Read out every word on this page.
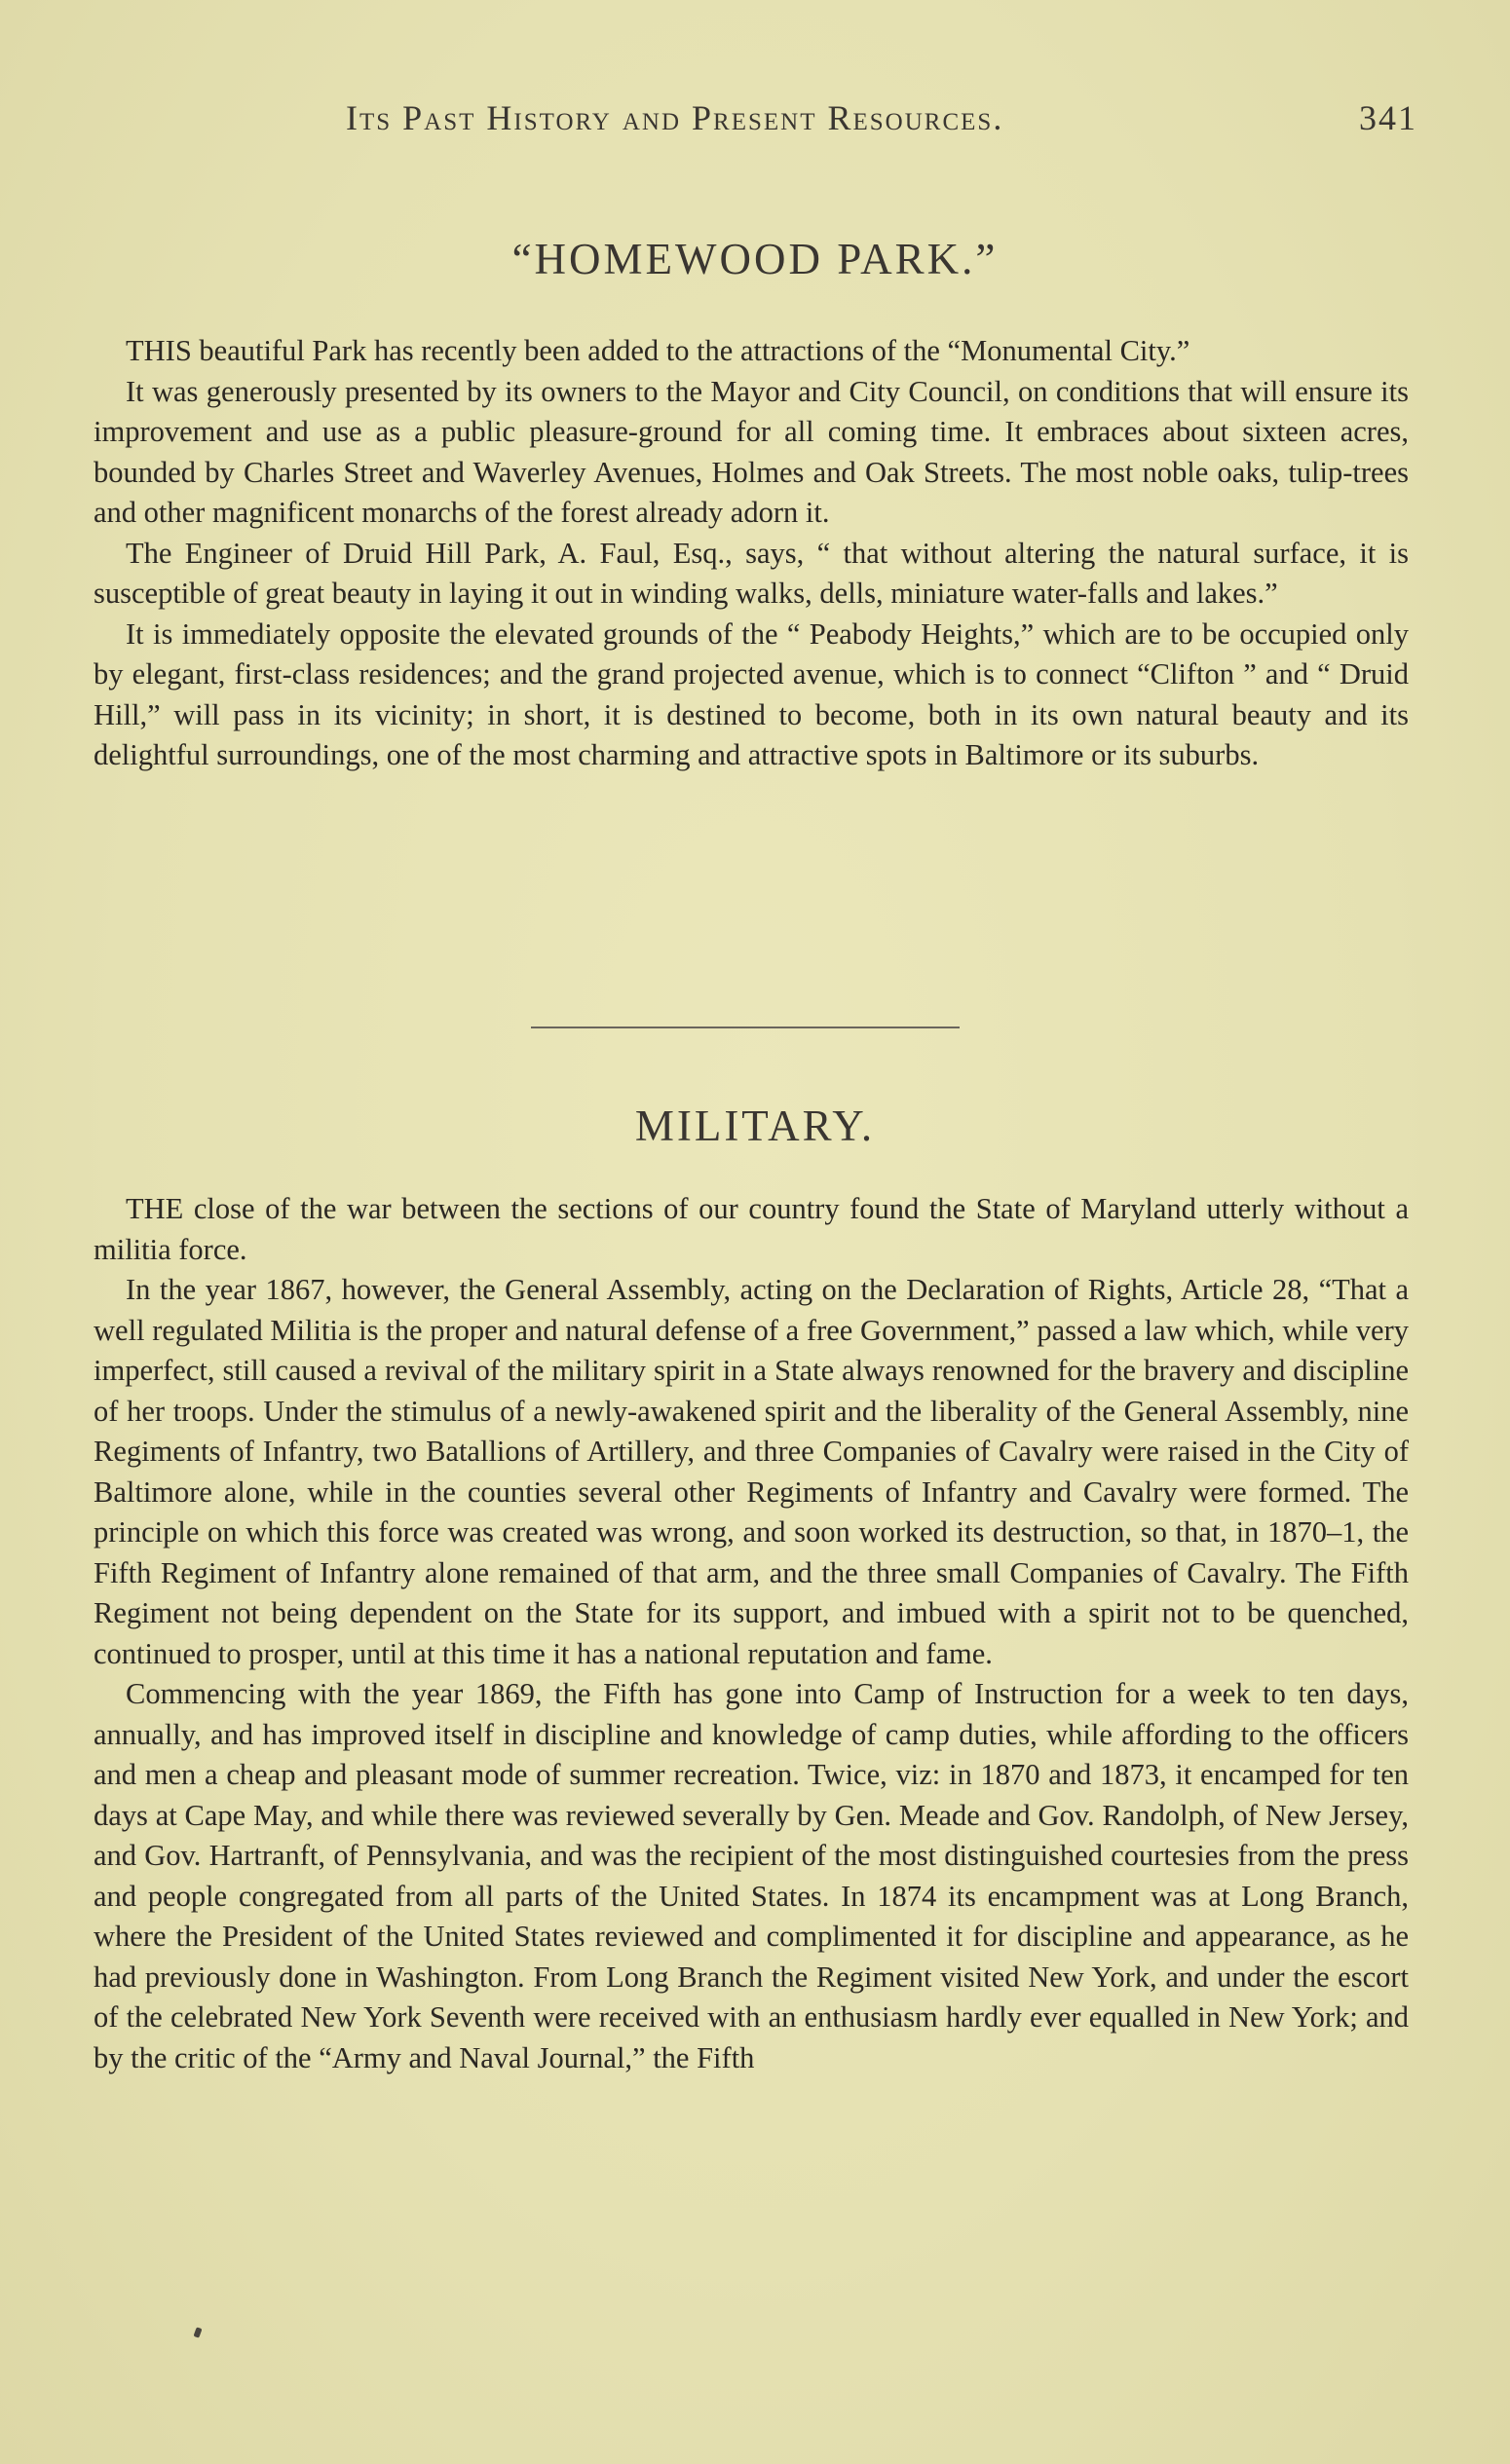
Its Past History and Present Resources.	341
“HOMEWOOD PARK.”

THIS beautiful Park has recently been added to the attractions of the “Monumental City.”

It was generously presented by its owners to the Mayor and City Council, on conditions that will ensure its improvement and use as a public pleasure-ground for all coming time. It embraces about sixteen acres, bounded by Charles Street and Waverley Avenues, Holmes and Oak Streets. The most noble oaks, tulip-trees and other magnificent monarchs of the forest already adorn it.

The Engineer of Druid Hill Park, A. Faul, Esq., says, “ that without altering the natural surface, it is susceptible of great beauty in laying it out in winding walks, dells, miniature water-falls and lakes.”

It is immediately opposite the elevated grounds of the “ Peabody Heights,” which are to be occupied only by elegant, first-class residences; and the grand projected avenue, which is to connect “Clifton ” and “ Druid Hill,” will pass in its vicinity; in short, it is destined to become, both in its own natural beauty and its delightful surroundings, one of the most charming and attractive spots in Baltimore or its suburbs.

MILITARY.

THE close of the war between the sections of our country found the State of Maryland utterly without a militia force.

In the year 1867, however, the General Assembly, acting on the Declaration of Rights, Article 28, “That a well regulated Militia is the proper and natural defense of a free Government,” passed a law which, while very imperfect, still caused a revival of the military spirit in a State always renowned for the bravery and discipline of her troops. Under the stimulus of a newly-awakened spirit and the liberality of the General Assembly, nine Regiments of Infantry, two Batallions of Artillery, and three Companies of Cavalry were raised in the City of Baltimore alone, while in the counties several other Regiments of Infantry and Cavalry were formed. The principle on which this force was created was wrong, and soon worked its destruction, so that, in 1870–1, the Fifth Regiment of Infantry alone remained of that arm, and the three small Companies of Cavalry. The Fifth Regiment not being dependent on the State for its support, and imbued with a spirit not to be quenched, continued to prosper, until at this time it has a national reputation and fame.

Commencing with the year 1869, the Fifth has gone into Camp of Instruction for a week to ten days, annually, and has improved itself in discipline and knowledge of camp duties, while affording to the officers and men a cheap and pleasant mode of summer recreation. Twice, viz: in 1870 and 1873, it encamped for ten days at Cape May, and while there was reviewed severally by Gen. Meade and Gov. Randolph, of New Jersey, and Gov. Hartranft, of Pennsylvania, and was the recipient of the most distinguished courtesies from the press and people congregated from all parts of the United States. In 1874 its encampment was at Long Branch, where the President of the United States reviewed and complimented it for discipline and appearance, as he had previously done in Washington. From Long Branch the Regiment visited New York, and under the escort of the celebrated New York Seventh were received with an enthusiasm hardly ever equalled in New York; and by the critic of the “Army and Naval Journal,” the Fifth
